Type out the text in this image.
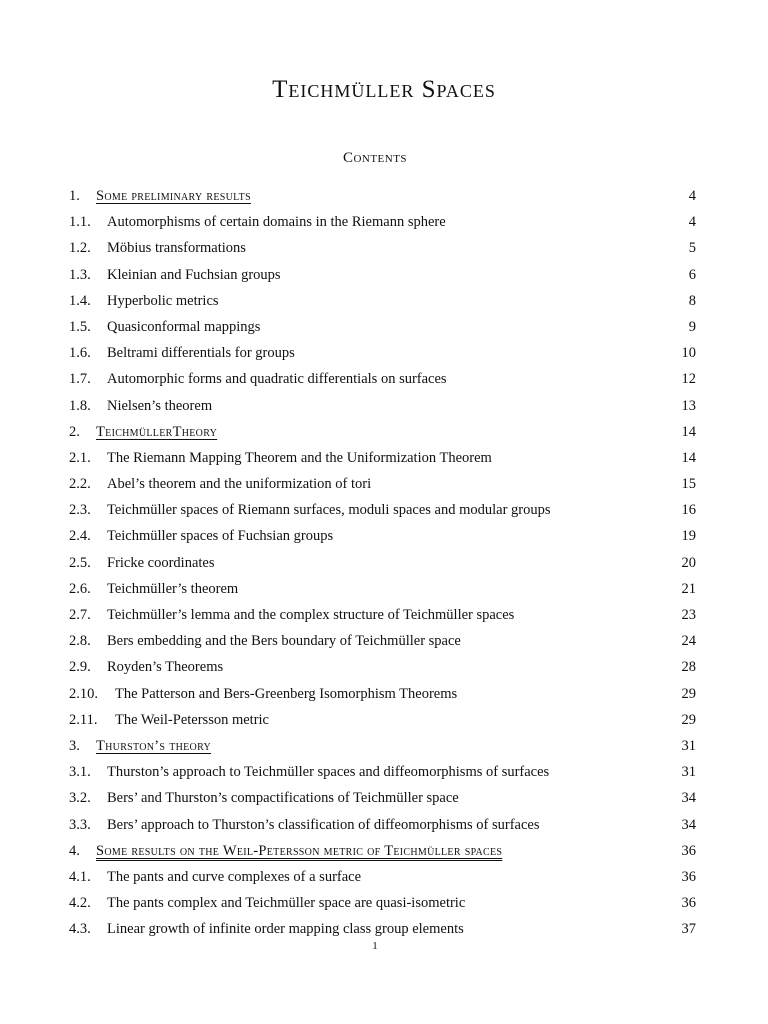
Teichmüller Spaces
Contents
1.	Some preliminary results	4
1.1.	Automorphisms of certain domains in the Riemann sphere	4
1.2.	Möbius transformations	5
1.3.	Kleinian and Fuchsian groups	6
1.4.	Hyperbolic metrics	8
1.5.	Quasiconformal mappings	9
1.6.	Beltrami differentials for groups	10
1.7.	Automorphic forms and quadratic differentials on surfaces	12
1.8.	Nielsen’s theorem	13
2.	TeichmüllerTheory	14
2.1.	The Riemann Mapping Theorem and the Uniformization Theorem	14
2.2.	Abel’s theorem and the uniformization of tori	15
2.3.	Teichmüller spaces of Riemann surfaces, moduli spaces and modular groups	16
2.4.	Teichmüller spaces of Fuchsian groups	19
2.5.	Fricke coordinates	20
2.6.	Teichmüller’s theorem	21
2.7.	Teichmüller’s lemma and the complex structure of Teichmüller spaces	23
2.8.	Bers embedding and the Bers boundary of Teichmüller space	24
2.9.	Royden’s Theorems	28
2.10.	The Patterson and Bers-Greenberg Isomorphism Theorems	29
2.11.	The Weil-Petersson metric	29
3.	Thurston’s theory	31
3.1.	Thurston’s approach to Teichmüller spaces and diffeomorphisms of surfaces	31
3.2.	Bers’ and Thurston’s compactifications of Teichmüller space	34
3.3.	Bers’ approach to Thurston’s classification of diffeomorphisms of surfaces	34
4.	Some results on the Weil-Petersson metric of Teichmüller spaces	36
4.1.	The pants and curve complexes of a surface	36
4.2.	The pants complex and Teichmüller space are quasi-isometric	36
4.3.	Linear growth of infinite order mapping class group elements	37
1
